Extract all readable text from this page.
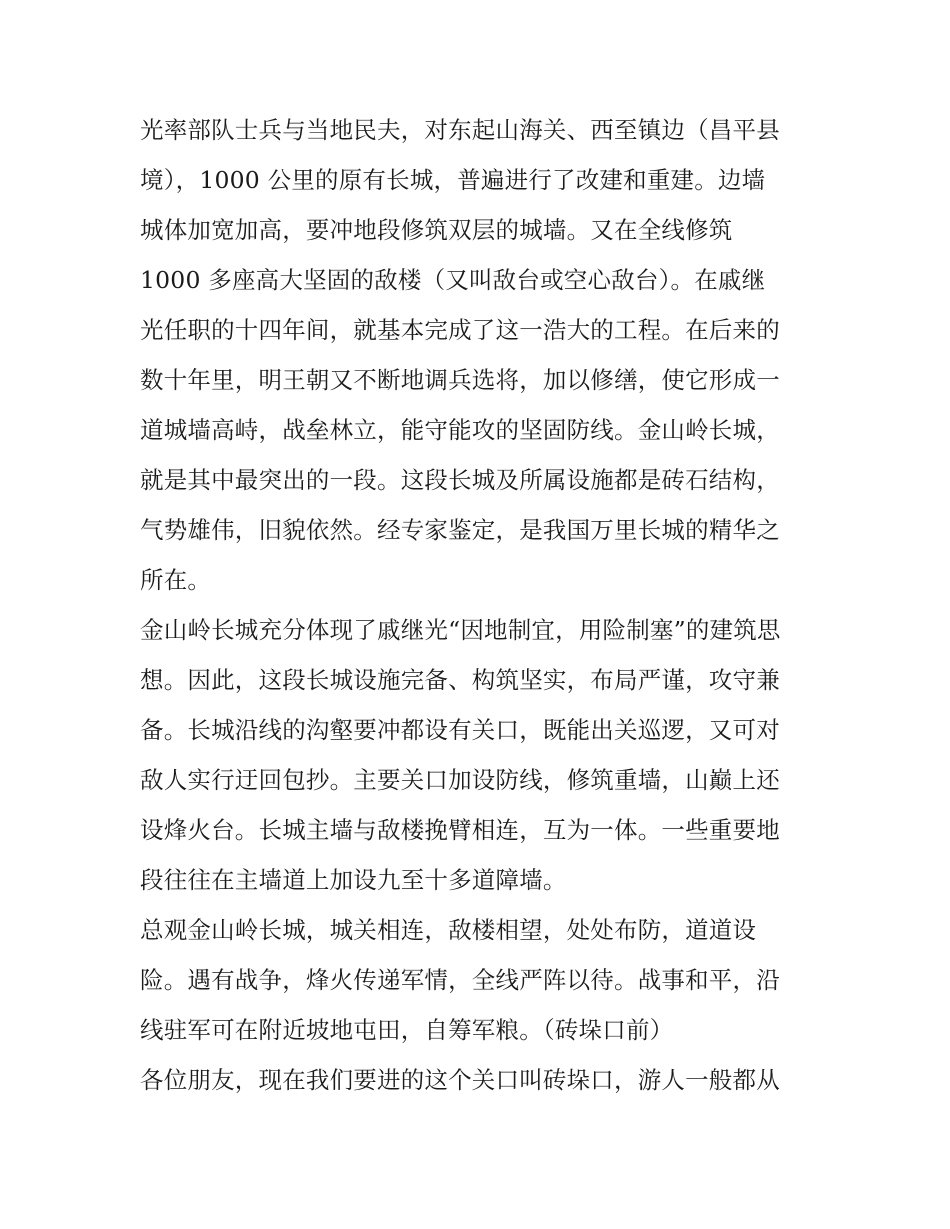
光率部队士兵与当地民夫，对东起山海关、西至镇边（昌平县
境），1000 公里的原有长城，普遍进行了改建和重建。边墙
城体加宽加高，要冲地段修筑双层的城墙。又在全线修筑
1000 多座高大坚固的敌楼（又叫敌台或空心敌台）。在戚继
光任职的十四年间，就基本完成了这一浩大的工程。在后来的
数十年里，明王朝又不断地调兵选将，加以修缮，使它形成一
道城墙高峙，战垒林立，能守能攻的坚固防线。金山岭长城，
就是其中最突出的一段。这段长城及所属设施都是砖石结构，
气势雄伟，旧貌依然。经专家鉴定，是我国万里长城的精华之
所在。
金山岭长城充分体现了戚继光“因地制宜，用险制塞”的建筑思
想。因此，这段长城设施完备、构筑坚实，布局严谨，攻守兼
备。长城沿线的沟壑要冲都设有关口，既能出关巡逻，又可对
敌人实行迂回包抄。主要关口加设防线，修筑重墙，山巅上还
设烽火台。长城主墙与敌楼挽臂相连，互为一体。一些重要地
段往往在主墙道上加设九至十多道障墙。
总观金山岭长城，城关相连，敌楼相望，处处布防，道道设
险。遇有战争，烽火传递军情，全线严阵以待。战事和平，沿
线驻军可在附近坡地屯田，自筹军粮。（砖垛口前）
各位朋友，现在我们要进的这个关口叫砖垛口，游人一般都从
